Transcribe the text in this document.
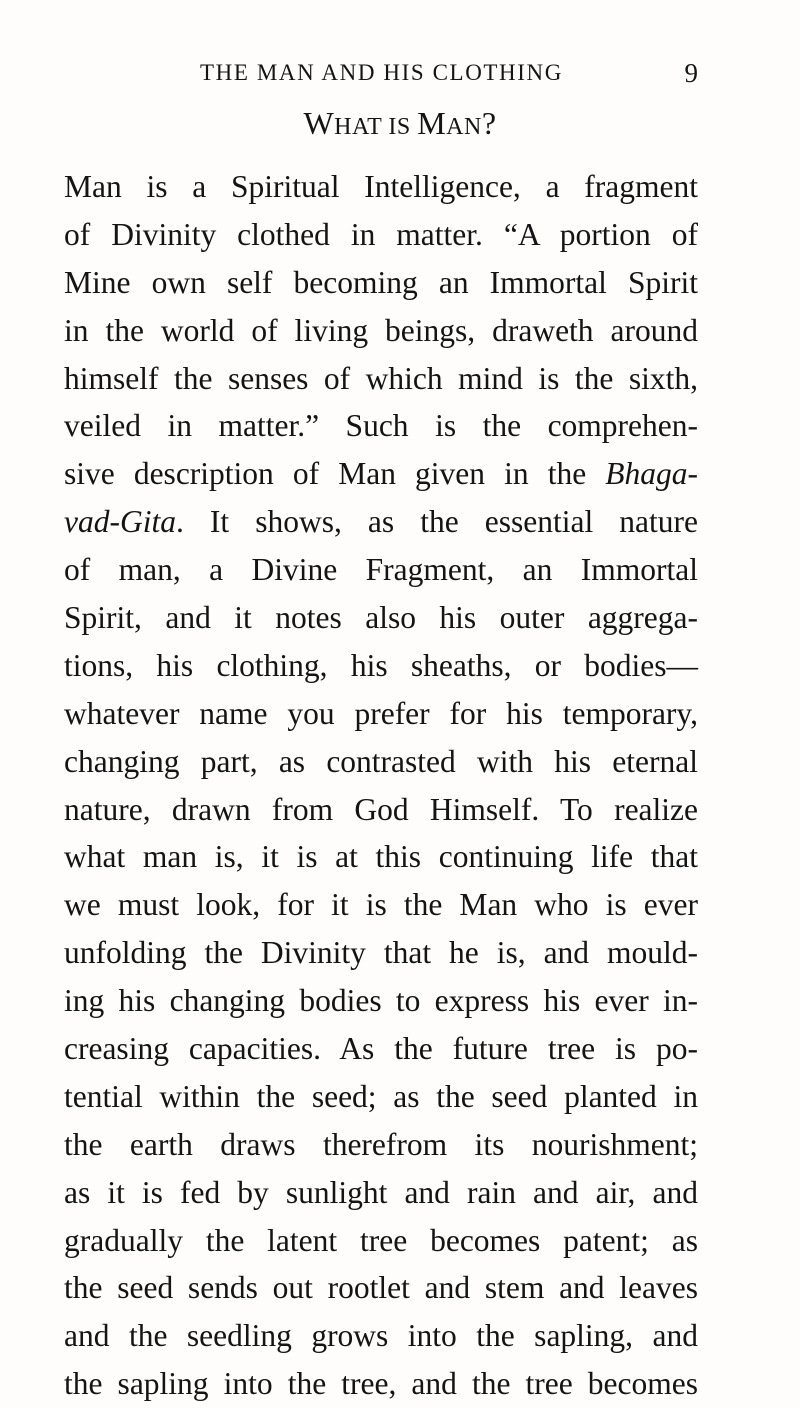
THE MAN AND HIS CLOTHING	9
WHAT IS MAN?
Man is a Spiritual Intelligence, a fragment
of Divinity clothed in matter. “A portion of
Mine own self becoming an Immortal Spirit
in the world of living beings, draweth around
himself the senses of which mind is the sixth,
veiled in matter.” Such is the comprehen-
sive description of Man given in the Bhaga-
vad-Gita. It shows, as the essential nature
of man, a Divine Fragment, an Immortal
Spirit, and it notes also his outer aggrega-
tions, his clothing, his sheaths, or bodies—
whatever name you prefer for his temporary,
changing part, as contrasted with his eternal
nature, drawn from God Himself. To realize
what man is, it is at this continuing life that
we must look, for it is the Man who is ever
unfolding the Divinity that he is, and mould-
ing his changing bodies to express his ever in-
creasing capacities. As the future tree is po-
tential within the seed; as the seed planted in
the earth draws therefrom its nourishment;
as it is fed by sunlight and rain and air, and
gradually the latent tree becomes patent; as
the seed sends out rootlet and stem and leaves
and the seedling grows into the sapling, and
the sapling into the tree, and the tree becomes
